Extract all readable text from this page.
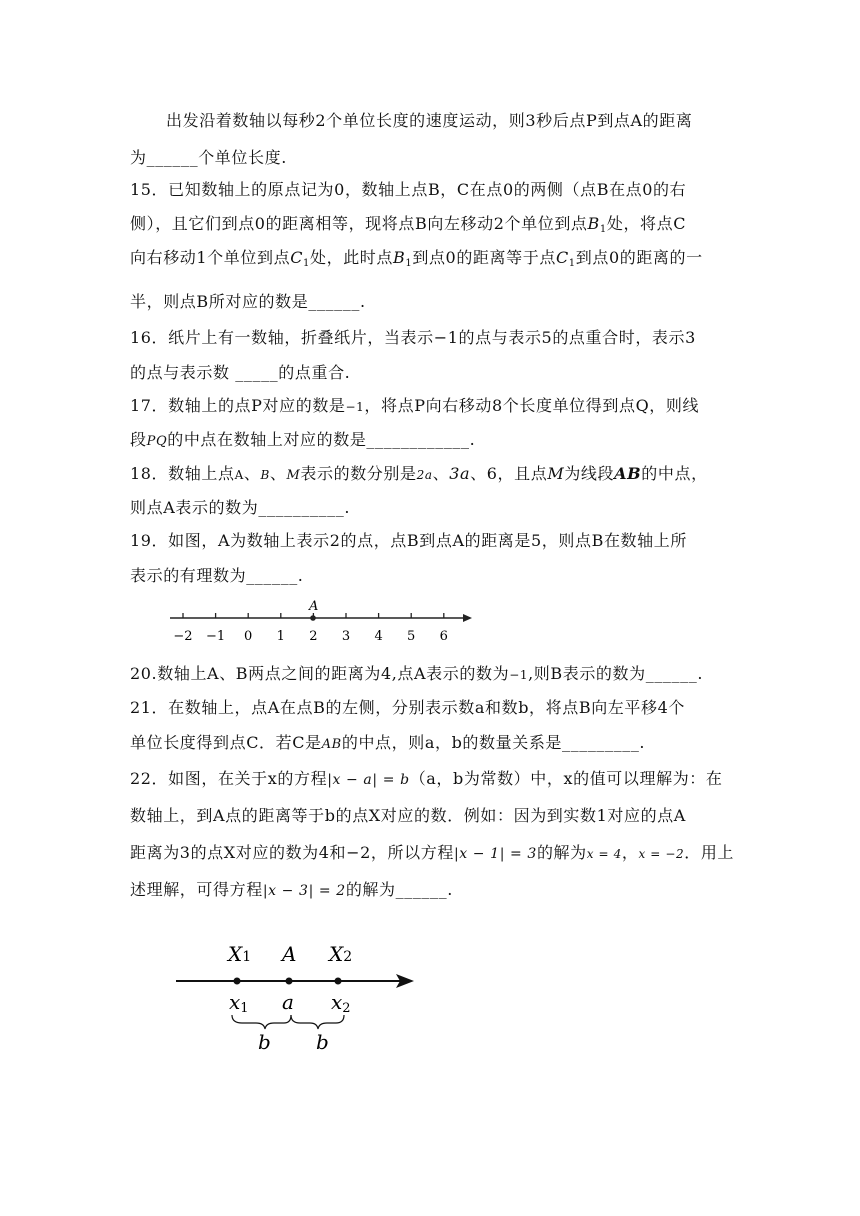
出发沿着数轴以每秒2个单位长度的速度运动，则3秒后点P到点A的距离
为______个单位长度.
15．已知数轴上的原点记为0，数轴上点B，C在点0的两侧（点B在点0的右
侧），且它们到点0的距离相等，现将点B向左移动2个单位到点$B_1$处，将点C
向右移动1个单位到点$C_1$处，此时点$B_1$到点0的距离等于点$C_1$到点0的距离的一
半，则点B所对应的数是______.
16．纸片上有一数轴，折叠纸片，当表示−1的点与表示5的点重合时，表示3
的点与表示数 _____的点重合.
17．数轴上的点P对应的数是−1，将点P向右移动8个长度单位得到点Q，则线
段PQ的中点在数轴上对应的数是____________.
18．数轴上点A、B、M表示的数分别是2a、3a、6，且点M为线段AB的中点，
则点A表示的数为__________.
19．如图，A为数轴上表示2的点，点B到点A的距离是5，则点B在数轴上所
表示的有理数为______.
−2 −1 0 1 2 3 4 5 6
A
20.数轴上A、B两点之间的距离为4,点A表示的数为−1,则B表示的数为______.
21．在数轴上，点A在点B的左侧，分别表示数a和数b，将点B向左平移4个
单位长度得到点C．若C是AB的中点，则a，b的数量关系是_________.
22．如图，在关于x的方程|x − a| = b（a，b为常数）中，x的值可以理解为：在
数轴上，到A点的距离等于b的点X对应的数．例如：因为到实数1对应的点A
距离为3的点X对应的数为4和−2，所以方程|x − 1| = 3的解为x = 4，x = −2．用上
述理解，可得方程|x − 3| = 2的解为______.
X1 A X2
x1 a x2
b b
